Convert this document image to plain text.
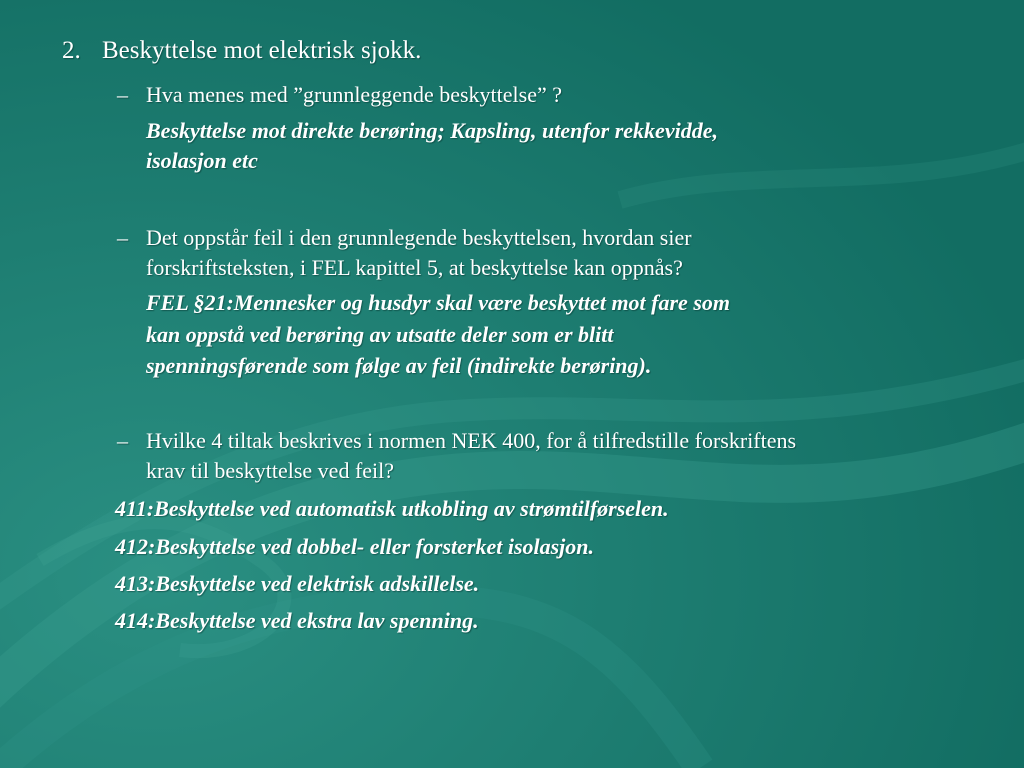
2. Beskyttelse mot elektrisk sjokk.
– Hva menes med ”grunnleggende beskyttelse” ?
Beskyttelse mot direkte berøring; Kapsling, utenfor rekkevidde,
isolasjon etc
– Det oppstår feil i den grunnlegende beskyttelsen, hvordan sier
forskriftsteksten, i FEL kapittel 5, at beskyttelse kan oppnås?
FEL §21:Mennesker og husdyr skal være beskyttet mot fare som
kan oppstå ved berøring av utsatte deler som er blitt
spenningsførende som følge av feil (indirekte berøring).
– Hvilke 4 tiltak beskrives i normen NEK 400, for å tilfredstille forskriftens
krav til beskyttelse ved feil?
411:Beskyttelse ved automatisk utkobling av strømtilførselen.
412:Beskyttelse ved dobbel- eller forsterket isolasjon.
413:Beskyttelse ved elektrisk adskillelse.
414:Beskyttelse ved ekstra lav spenning.
